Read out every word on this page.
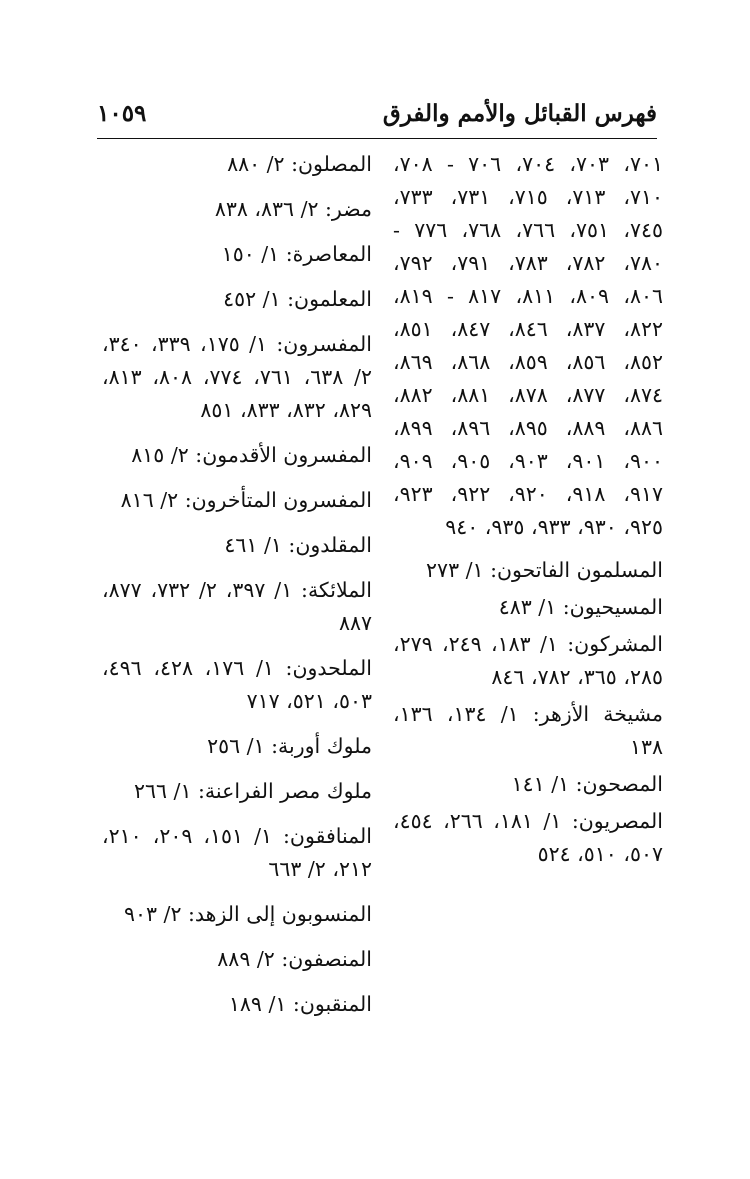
فهرس القبائل والأمم والفرق
١٠٥٩

٧٠١، ٧٠٣، ٧٠٤، ٧٠٦ - ٧٠٨، ٧١٠، ٧١٣، ٧١٥، ٧٣١، ٧٣٣، ٧٤٥، ٧٥١، ٧٦٦، ٧٦٨، ٧٧٦ - ٧٨٠، ٧٨٢، ٧٨٣، ٧٩١، ٧٩٢، ٨٠٦، ٨٠٩، ٨١١، ٨١٧ - ٨١٩، ٨٢٢، ٨٣٧، ٨٤٦، ٨٤٧، ٨٥١، ٨٥٢، ٨٥٦، ٨٥٩، ٨٦٨، ٨٦٩، ٨٧٤، ٨٧٧، ٨٧٨، ٨٨١، ٨٨٢، ٨٨٦، ٨٨٩، ٨٩٥، ٨٩٦، ٨٩٩، ٩٠٠، ٩٠١، ٩٠٣، ٩٠٥، ٩٠٩، ٩١٧، ٩١٨، ٩٢٠، ٩٢٢، ٩٢٣، ٩٢٥، ٩٣٠، ٩٣٣، ٩٣٥، ٩٤٠

المسلمون الفاتحون: ١/ ٢٧٣

المسيحيون: ١/ ٤٨٣

المشركون: ١/ ١٨٣، ٢٤٩، ٢٧٩، ٢٨٥، ٣٦٥، ٧٨٢، ٨٤٦

مشيخة الأزهر: ١/ ١٣٤، ١٣٦، ١٣٨

المصحون: ١/ ١٤١

المصريون: ١/ ١٨١، ٢٦٦، ٤٥٤، ٥٠٧، ٥١٠، ٥٢٤

المصلون: ٢/ ٨٨٠

مضر: ٢/ ٨٣٦، ٨٣٨

المعاصرة: ١/ ١٥٠

المعلمون: ١/ ٤٥٢

المفسرون: ١/ ١٧٥، ٣٣٩، ٣٤٠، ٢/ ٦٣٨، ٧٦١، ٧٧٤، ٨٠٨، ٨١٣، ٨٢٩، ٨٣٢، ٨٣٣، ٨٥١

المفسرون الأقدمون: ٢/ ٨١٥

المفسرون المتأخرون: ٢/ ٨١٦

المقلدون: ١/ ٤٦١

الملائكة: ١/ ٣٩٧، ٢/ ٧٣٢، ٨٧٧، ٨٨٧

الملحدون: ١/ ١٧٦، ٤٢٨، ٤٩٦، ٥٠٣، ٥٢١، ٧١٧

ملوك أوربة: ١/ ٢٥٦

ملوك مصر الفراعنة: ١/ ٢٦٦

المنافقون: ١/ ١٥١، ٢٠٩، ٢١٠، ٢١٢، ٢/ ٦٦٣

المنسوبون إلى الزهد: ٢/ ٩٠٣

المنصفون: ٢/ ٨٨٩

المنقبون: ١/ ١٨٩
